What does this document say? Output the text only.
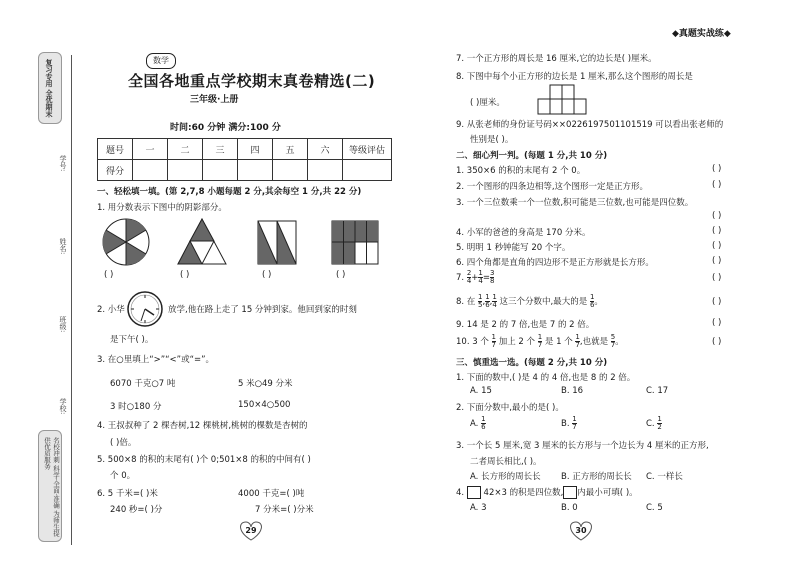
◆真题实战练◆
复习专用 全优期末
名校冲刺 科学·全面·准确 为师生提供优质服务
学号:
姓名:
班级:
学校:
数学
全国各地重点学校期末真卷精选(二)
三年级·上册
时间:60 分钟 满分:100 分
题号	一	二	三	四	五	六	等级评估
得分							
一、轻松填一填。(第 2,7,8 小题每题 2 分,其余每空 1 分,共 22 分)
1. 用分数表示下图中的阴影部分。
( )	( )	( )	( )
2. 小华	放学,他在路上走了 15 分钟到家。他回到家的时刻
是下午( )。
3. 在○里填上“>”“<”或“=”。
6070 千克○7 吨	5 米○49 分米
3 时○180 分	150×4○500
4. 王叔叔种了 2 棵杏树,12 棵桃树,桃树的棵数是杏树的
( )倍。
5. 500×8 的积的末尾有( )个 0;501×8 的积的中间有( )
个 0。
6. 5 千米=( )米	4000 千克=( )吨
240 秒=( )分	7 分米=( )分米
29
7. 一个正方形的周长是 16 厘米,它的边长是( )厘米。
8. 下图中每个小正方形的边长是 1 厘米,那么这个图形的周长是
( )厘米。
9. 从张老师的身份证号码××0226197501101519 可以看出张老师的
性别是( )。
二、细心判一判。(每题 1 分,共 10 分)
1. 350×6 的积的末尾有 2 个 0。	( )
2. 一个图形的四条边相等,这个图形一定是正方形。	( )
3. 一个三位数乘一个一位数,积可能是三位数,也可能是四位数。
( )
4. 小军的爸爸的身高是 170 分米。	( )
5. 明明 1 秒钟能写 20 个字。	( )
6. 四个角都是直角的四边形不是正方形就是长方形。	( )
7. $\frac{2}{4} + \frac{1}{4} = \frac{3}{8}$	( )
8. 在 $\frac{1}{5}$ , $\frac{1}{6}$ , $\frac{1}{4}$ 这三个分数中,最大的是 $\frac{1}{6}$ 。	( )
9. 14 是 2 的 7 倍,也是 7 的 2 倍。	( )
10. 3 个 $\frac{1}{7}$ 加上 2 个 $\frac{1}{7}$ 是 1 个 $\frac{1}{7}$ ,也就是 $\frac{5}{7}$ 。	( )
三、慎重选一选。(每题 2 分,共 10 分)
1. 下面的数中,( )是 4 的 4 倍,也是 8 的 2 倍。
A. 15	B. 16	C. 17
2. 下面分数中,最小的是( )。
A. $\frac{1}{6}$	B. $\frac{1}{7}$	C. $\frac{1}{2}$
3. 一个长 5 厘米,宽 3 厘米的长方形与一个边长为 4 厘米的正方形,
二者周长相比,( )。
A. 长方形的周长长 B. 正方形的周长长 C. 一样长
4. 42×3 的积是四位数, 内最小可填( )。
A. 3	B. 0	C. 5
30
